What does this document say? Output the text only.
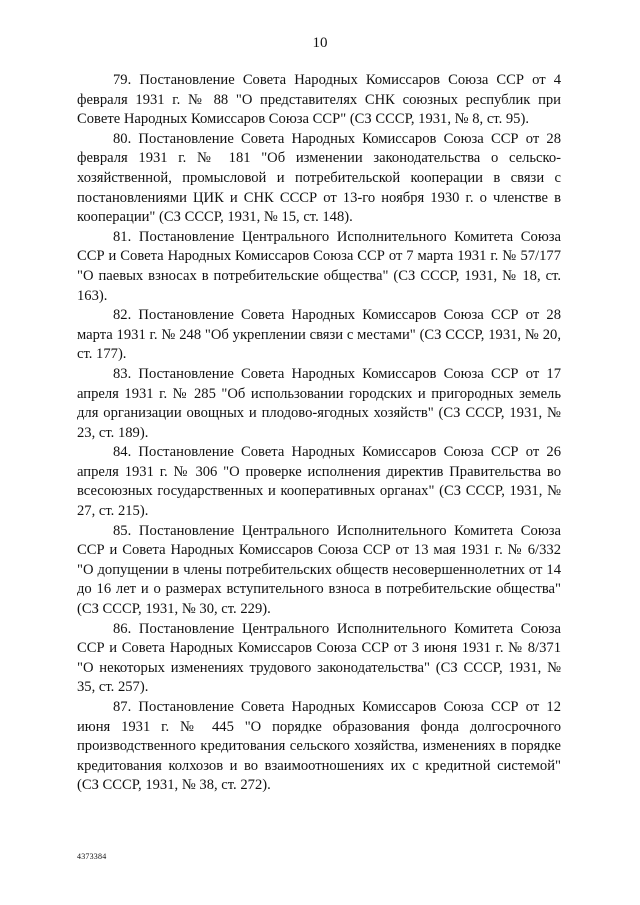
10

79. Постановление Совета Народных Комиссаров Союза ССР от 4 февраля 1931 г. № 88 "О представителях СНК союзных республик при Совете Народных Комиссаров Союза ССР" (СЗ СССР, 1931, № 8, ст. 95).

80. Постановление Совета Народных Комиссаров Союза ССР от 28 февраля 1931 г. № 181 "Об изменении законодательства о сельско-хозяйственной, промысловой и потребительской кооперации в связи с постановлениями ЦИК и СНК СССР от 13-го ноября 1930 г. о членстве в кооперации" (СЗ СССР, 1931, № 15, ст. 148).

81. Постановление Центрального Исполнительного Комитета Союза ССР и Совета Народных Комиссаров Союза ССР от 7 марта 1931 г. № 57/177 "О паевых взносах в потребительские общества" (СЗ СССР, 1931, № 18, ст. 163).

82. Постановление Совета Народных Комиссаров Союза ССР от 28 марта 1931 г. № 248 "Об укреплении связи с местами" (СЗ СССР, 1931, № 20, ст. 177).

83. Постановление Совета Народных Комиссаров Союза ССР от 17 апреля 1931 г. № 285 "Об использовании городских и пригородных земель для организации овощных и плодово-ягодных хозяйств" (СЗ СССР, 1931, № 23, ст. 189).

84. Постановление Совета Народных Комиссаров Союза ССР от 26 апреля 1931 г. № 306 "О проверке исполнения директив Правительства во всесоюзных государственных и кооперативных органах" (СЗ СССР, 1931, № 27, ст. 215).

85. Постановление Центрального Исполнительного Комитета Союза ССР и Совета Народных Комиссаров Союза ССР от 13 мая 1931 г. № 6/332 "О допущении в члены потребительских обществ несовершеннолетних от 14 до 16 лет и о размерах вступительного взноса в потребительские общества" (СЗ СССР, 1931, № 30, ст. 229).

86. Постановление Центрального Исполнительного Комитета Союза ССР и Совета Народных Комиссаров Союза ССР от 3 июня 1931 г. № 8/371 "О некоторых изменениях трудового законодательства" (СЗ СССР, 1931, № 35, ст. 257).

87. Постановление Совета Народных Комиссаров Союза ССР от 12 июня 1931 г. № 445 "О порядке образования фонда долгосрочного производственного кредитования сельского хозяйства, изменениях в порядке кредитования колхозов и во взаимоотношениях их с кредитной системой" (СЗ СССР, 1931, № 38, ст. 272).

4373384
